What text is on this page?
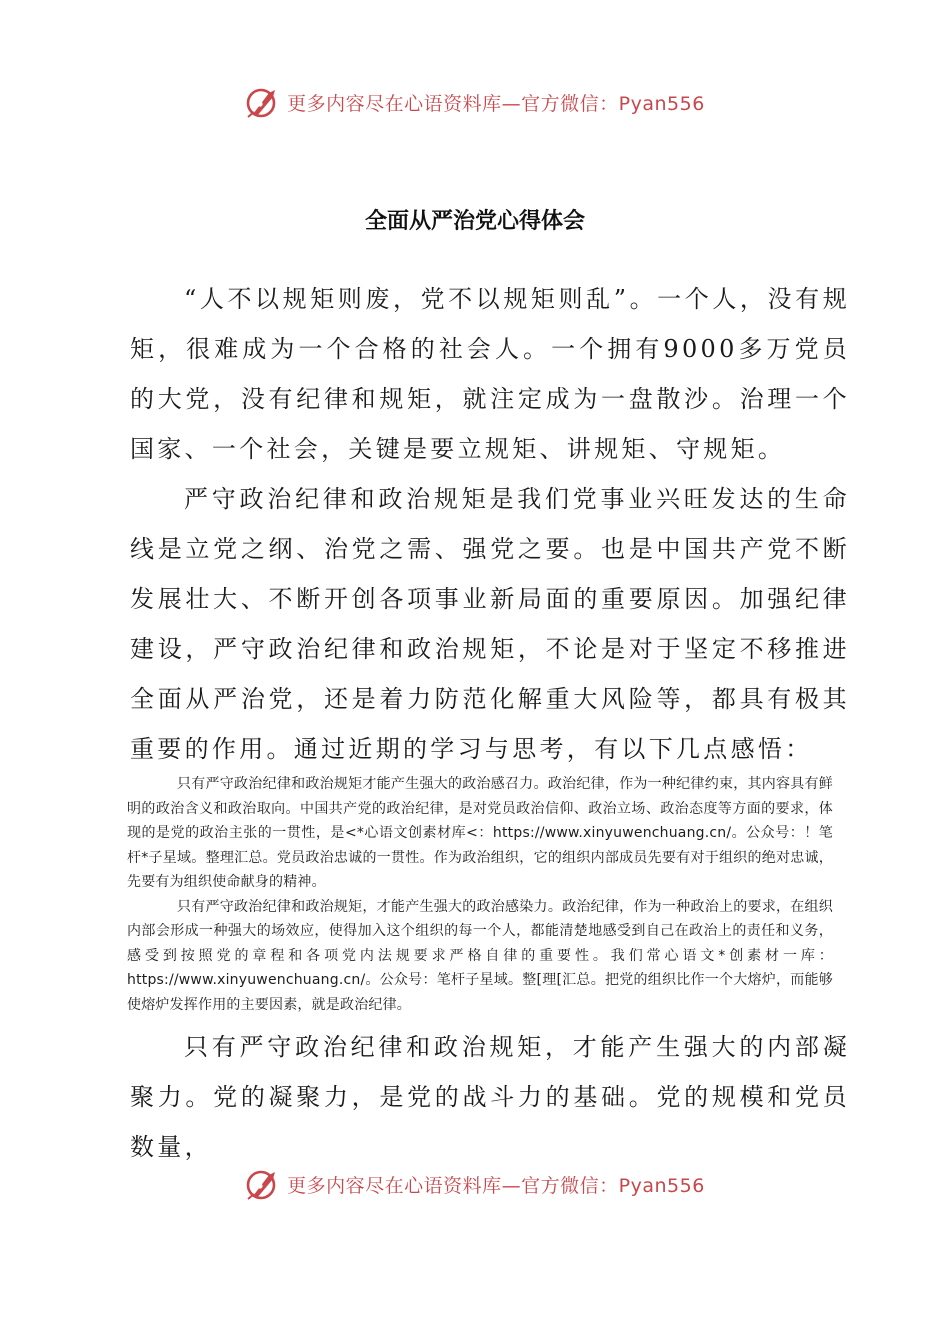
更多内容尽在心语资料库—官方微信：Pyan556
全面从严治党心得体会

“人不以规矩则废，党不以规矩则乱”。一个人，没有规矩，很难成为一个合格的社会人。一个拥有9000多万党员的大党，没有纪律和规矩，就注定成为一盘散沙。治理一个国家、一个社会，关键是要立规矩、讲规矩、守规矩。

严守政治纪律和政治规矩是我们党事业兴旺发达的生命线是立党之纲、治党之需、强党之要。也是中国共产党不断发展壮大、不断开创各项事业新局面的重要原因。加强纪律建设，严守政治纪律和政治规矩，不论是对于坚定不移推进全面从严治党，还是着力防范化解重大风险等，都具有极其重要的作用。通过近期的学习与思考，有以下几点感悟：

只有严守政治纪律和政治规矩才能产生强大的政治感召力。政治纪律，作为一种纪律约束，其内容具有鲜明的政治含义和政治取向。中国共产党的政治纪律，是对党员政治信仰、政治立场、政治态度等方面的要求，体现的是党的政治主张的一贯性，是<*心语文创素材库<：https://www.xinyuwenchuang.cn/。公众号：！笔杆*子星域。整理汇总。党员政治忠诚的一贯性。作为政治组织，它的组织内部成员先要有对于组织的绝对忠诚，先要有为组织使命献身的精神。

只有严守政治纪律和政治规矩，才能产生强大的政治感染力。政治纪律，作为一种政治上的要求，在组织内部会形成一种强大的场效应，使得加入这个组织的每一个人，都能清楚地感受到自己在政治上的责任和义务，感受到按照党的章程和各项党内法规要求严格自律的重要性。我们常心语文*创素材一库：https://www.xinyuwenchuang.cn/。公众号：笔杆子星域。整[理[汇总。把党的组织比作一个大熔炉，而能够使熔炉发挥作用的主要因素，就是政治纪律。

只有严守政治纪律和政治规矩，才能产生强大的内部凝聚力。党的凝聚力，是党的战斗力的基础。党的规模和党员数量，

更多内容尽在心语资料库—官方微信：Pyan556
